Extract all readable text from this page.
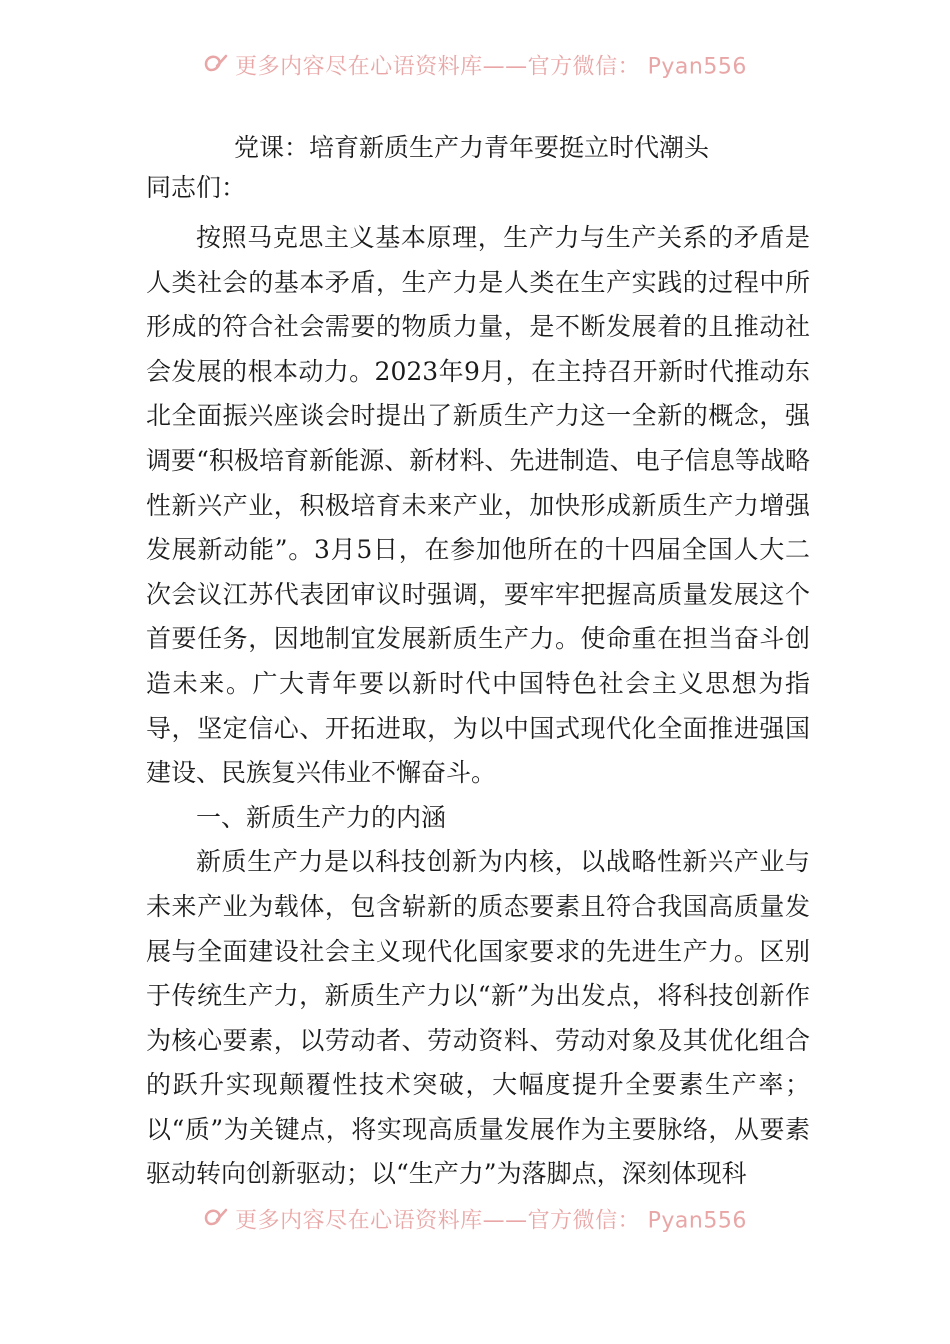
更多内容尽在心语资料库——官方微信： Pyan556
党课：培育新质生产力青年要挺立时代潮头

同志们：

按照马克思主义基本原理，生产力与生产关系的矛盾是人类社会的基本矛盾，生产力是人类在生产实践的过程中所形成的符合社会需要的物质力量，是不断发展着的且推动社会发展的根本动力。2023年9月，在主持召开新时代推动东北全面振兴座谈会时提出了新质生产力这一全新的概念，强调要“积极培育新能源、新材料、先进制造、电子信息等战略性新兴产业，积极培育未来产业，加快形成新质生产力增强发展新动能”。3月5日，在参加他所在的十四届全国人大二次会议江苏代表团审议时强调，要牢牢把握高质量发展这个首要任务，因地制宜发展新质生产力。使命重在担当奋斗创造未来。广大青年要以新时代中国特色社会主义思想为指导，坚定信心、开拓进取，为以中国式现代化全面推进强国建设、民族复兴伟业不懈奋斗。

一、新质生产力的内涵

新质生产力是以科技创新为内核，以战略性新兴产业与未来产业为载体，包含崭新的质态要素且符合我国高质量发展与全面建设社会主义现代化国家要求的先进生产力。区别于传统生产力，新质生产力以“新”为出发点，将科技创新作为核心要素，以劳动者、劳动资料、劳动对象及其优化组合的跃升实现颠覆性技术突破，大幅度提升全要素生产率；以“质”为关键点，将实现高质量发展作为主要脉络，从要素驱动转向创新驱动；以“生产力”为落脚点，深刻体现科

更多内容尽在心语资料库——官方微信： Pyan556
